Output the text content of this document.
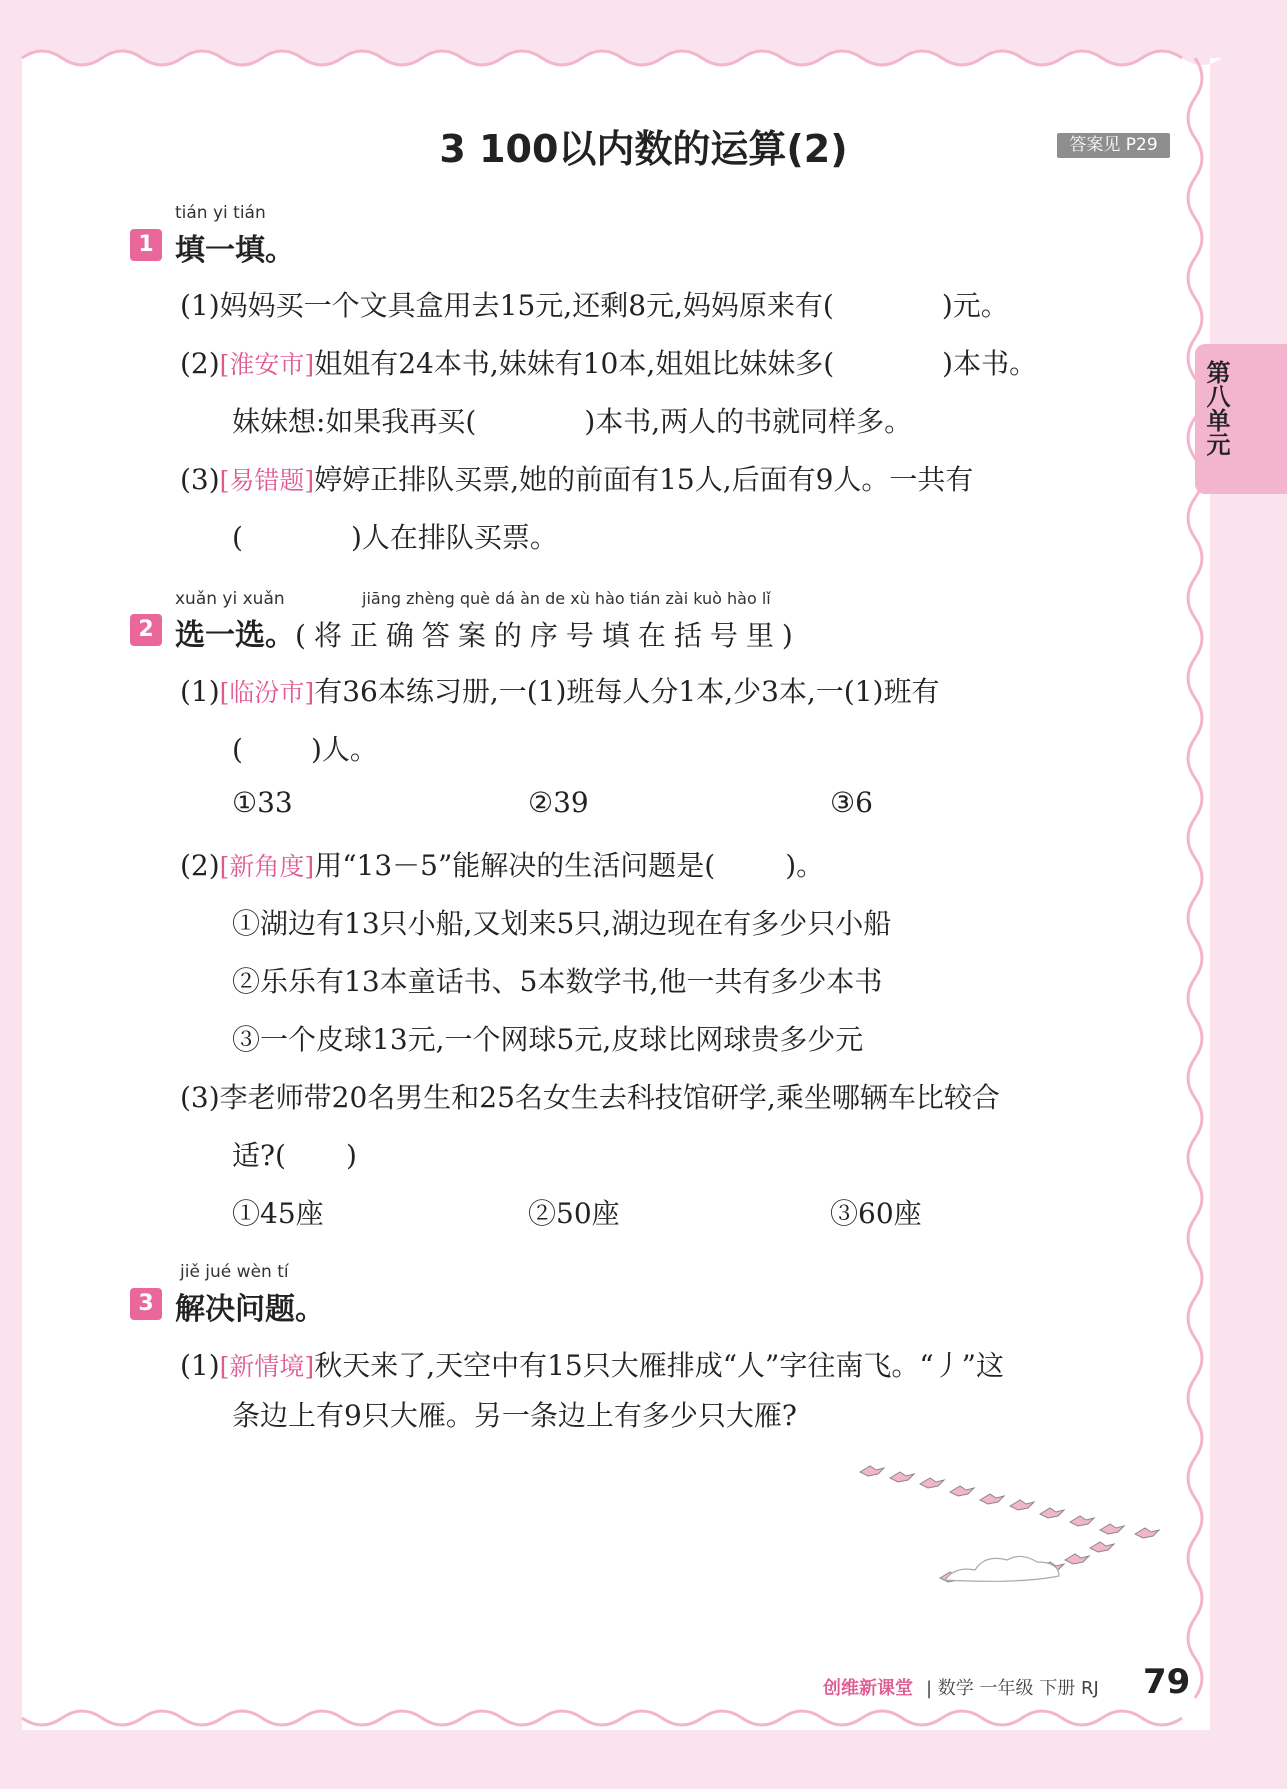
3 100以内数的运算(2)	答案见 P29
第八单元
tián yi tián
1 填一填。
(1)妈妈买一个文具盒用去15元,还剩8元,妈妈原来有(	)元。
(2)[淮安市]姐姐有24本书,妹妹有10本,姐姐比妹妹多(	)本书。
妹妹想:如果我再买(	)本书,两人的书就同样多。
(3)[易错题]婷婷正排队买票,她的前面有15人,后面有9人。一共有
(	)人在排队买票。
xuǎn yi xuǎn	jiāng zhèng què dá àn de xù hào tián zài kuò hào lǐ
2 选一选。(将正确答案的序号填在括号里)
(1)[临汾市]有36本练习册,一(1)班每人分1本,少3本,一(1)班有
( )人。
①33	②39	③6
(2)[新角度]用“13－5”能解决的生活问题是(	)。
①湖边有13只小船,又划来5只,湖边现在有多少只小船
②乐乐有13本童话书、5本数学书,他一共有多少本书
③一个皮球13元,一个网球5元,皮球比网球贵多少元
(3)李老师带20名男生和25名女生去科技馆研学,乘坐哪辆车比较合
适?( )
①45座	②50座	③60座
jiě jué wèn tí
3 解决问题。
(1)[新情境]秋天来了,天空中有15只大雁排成“人”字往南飞。“丿”这
条边上有9只大雁。另一条边上有多少只大雁?
创维新课堂 | 数学 一年级 下册 RJ 79
